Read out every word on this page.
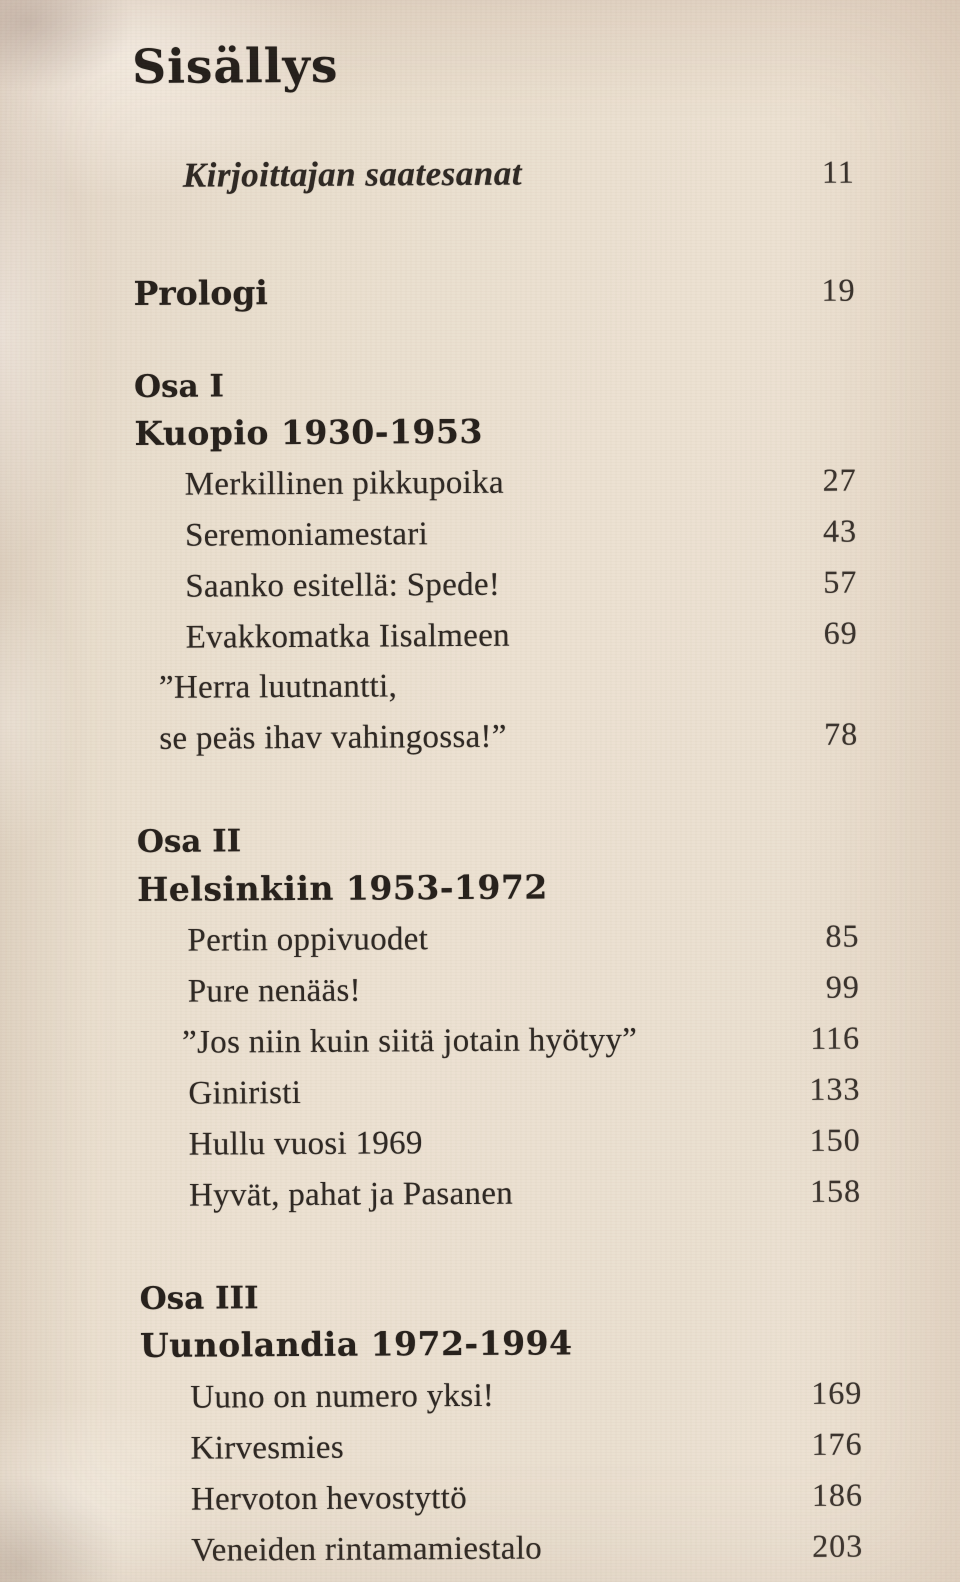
Sisällys
Kirjoittajan saatesanat	11
Prologi	19
Osa I
Kuopio 1930-1953
Merkillinen pikkupoika	27
Seremoniamestari	43
Saanko esitellä: Spede!	57
Evakkomatka Iisalmeen	69
”Herra luutnantti,
se peäs ihav vahingossa!”	78
Osa II
Helsinkiin 1953-1972
Pertin oppivuodet	85
Pure nenääs!	99
”Jos niin kuin siitä jotain hyötyy”	116
Giniristi	133
Hullu vuosi 1969	150
Hyvät, pahat ja Pasanen	158
Osa III
Uunolandia 1972-1994
Uuno on numero yksi!	169
Kirvesmies	176
Hervoton hevostyttö	186
Veneiden rintamamiestalo	203
